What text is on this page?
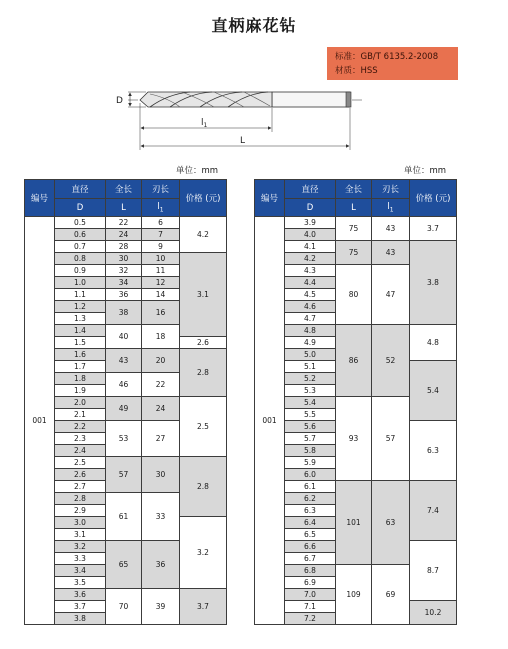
直柄麻花钻
标准：GB/T 6135.2-2008
材质：HSS
D
$l_1$
L
单位：mm	单位：mm
编号	直径	全长	刃长	价格 (元)
	D	L	$l_1$
001	0.5	22	6	4.2
	0.6	24	7	
	0.7	28	9	
	0.8	30	10	3.1
	0.9	32	11	
	1.0	34	12	
	1.1	36	14	
	1.2	38	16	
	1.3			
	1.4	40	18	
	1.5			2.6
	1.6	43	20	2.8
	1.7			
	1.8	46	22	
	1.9			
	2.0	49	24	2.5
	2.1			
	2.2	53	27	
	2.3			
	2.4			
	2.5	57	30	2.8
	2.6			
	2.7			
	2.8	61	33	
	2.9			
	3.0			3.2
	3.1			
	3.2	65	36	
	3.3			
	3.4			
	3.5			
	3.6	70	39	3.7
	3.7			
	3.8			
编号	直径	全长	刃长	价格 (元)
	D	L	$l_1$
001	3.9	75	43	3.7
	4.0			
	4.1	75	43	3.8
	4.2			
	4.3	80	47	
	4.4			
	4.5			
	4.6			
	4.7			
	4.8	86	52	4.8
	4.9			
	5.0			
	5.1			5.4
	5.2			
	5.3			
	5.4	93	57	
	5.5			
	5.6			6.3
	5.7			
	5.8			
	5.9			
	6.0			
	6.1	101	63	7.4
	6.2			
	6.3			
	6.4			
	6.5			
	6.6			8.7
	6.7			
	6.8	109	69	
	6.9			
	7.0			
	7.1			10.2
	7.2			
